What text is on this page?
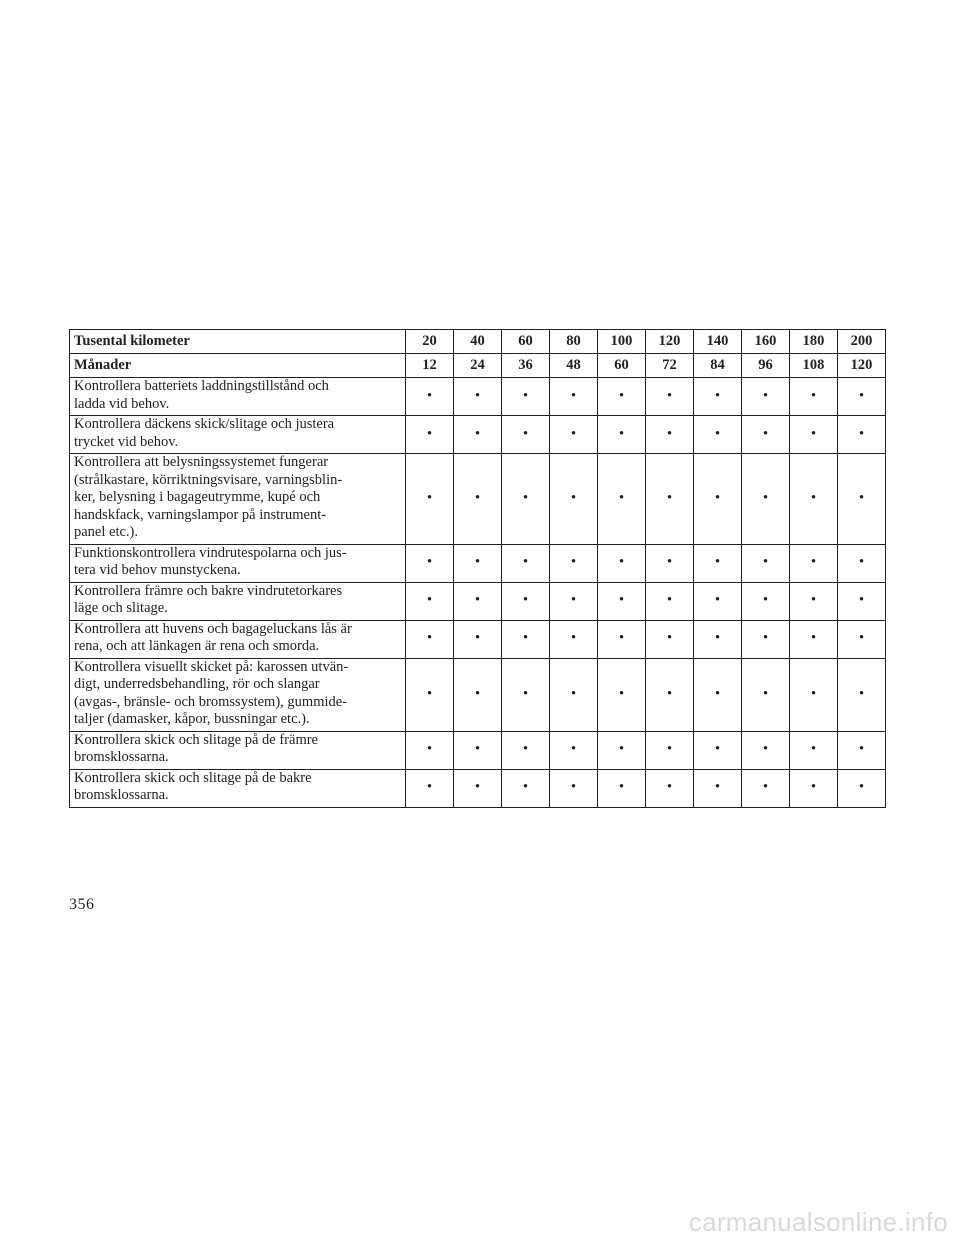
Tusental kilometer	20	40	60	80	100	120	140	160	180	200
Månader	12	24	36	48	60	72	84	96	108	120
Kontrollera batteriets laddningstillstånd och
ladda vid behov.	•	•	•	•	•	•	•	•	•	•
Kontrollera däckens skick/slitage och justera
trycket vid behov.	•	•	•	•	•	•	•	•	•	•
Kontrollera att belysningssystemet fungerar
(strålkastare, körriktningsvisare, varningsblin-
ker, belysning i bagageutrymme, kupé och
handskfack, varningslampor på instrument-
panel etc.).	•	•	•	•	•	•	•	•	•	•
Funktionskontrollera vindrutespolarna och jus-
tera vid behov munstyckena.	•	•	•	•	•	•	•	•	•	•
Kontrollera främre och bakre vindrutetorkares
läge och slitage.	•	•	•	•	•	•	•	•	•	•
Kontrollera att huvens och bagageluckans lås är
rena, och att länkagen är rena och smorda.	•	•	•	•	•	•	•	•	•	•
Kontrollera visuellt skicket på: karossen utvän-
digt, underredsbehandling, rör och slangar
(avgas-, bränsle- och bromssystem), gummide-
taljer (damasker, kåpor, bussningar etc.).	•	•	•	•	•	•	•	•	•	•
Kontrollera skick och slitage på de främre
bromsklossarna.	•	•	•	•	•	•	•	•	•	•
Kontrollera skick och slitage på de bakre
bromsklossarna.	•	•	•	•	•	•	•	•	•	•
356
carmanualsonline.info
